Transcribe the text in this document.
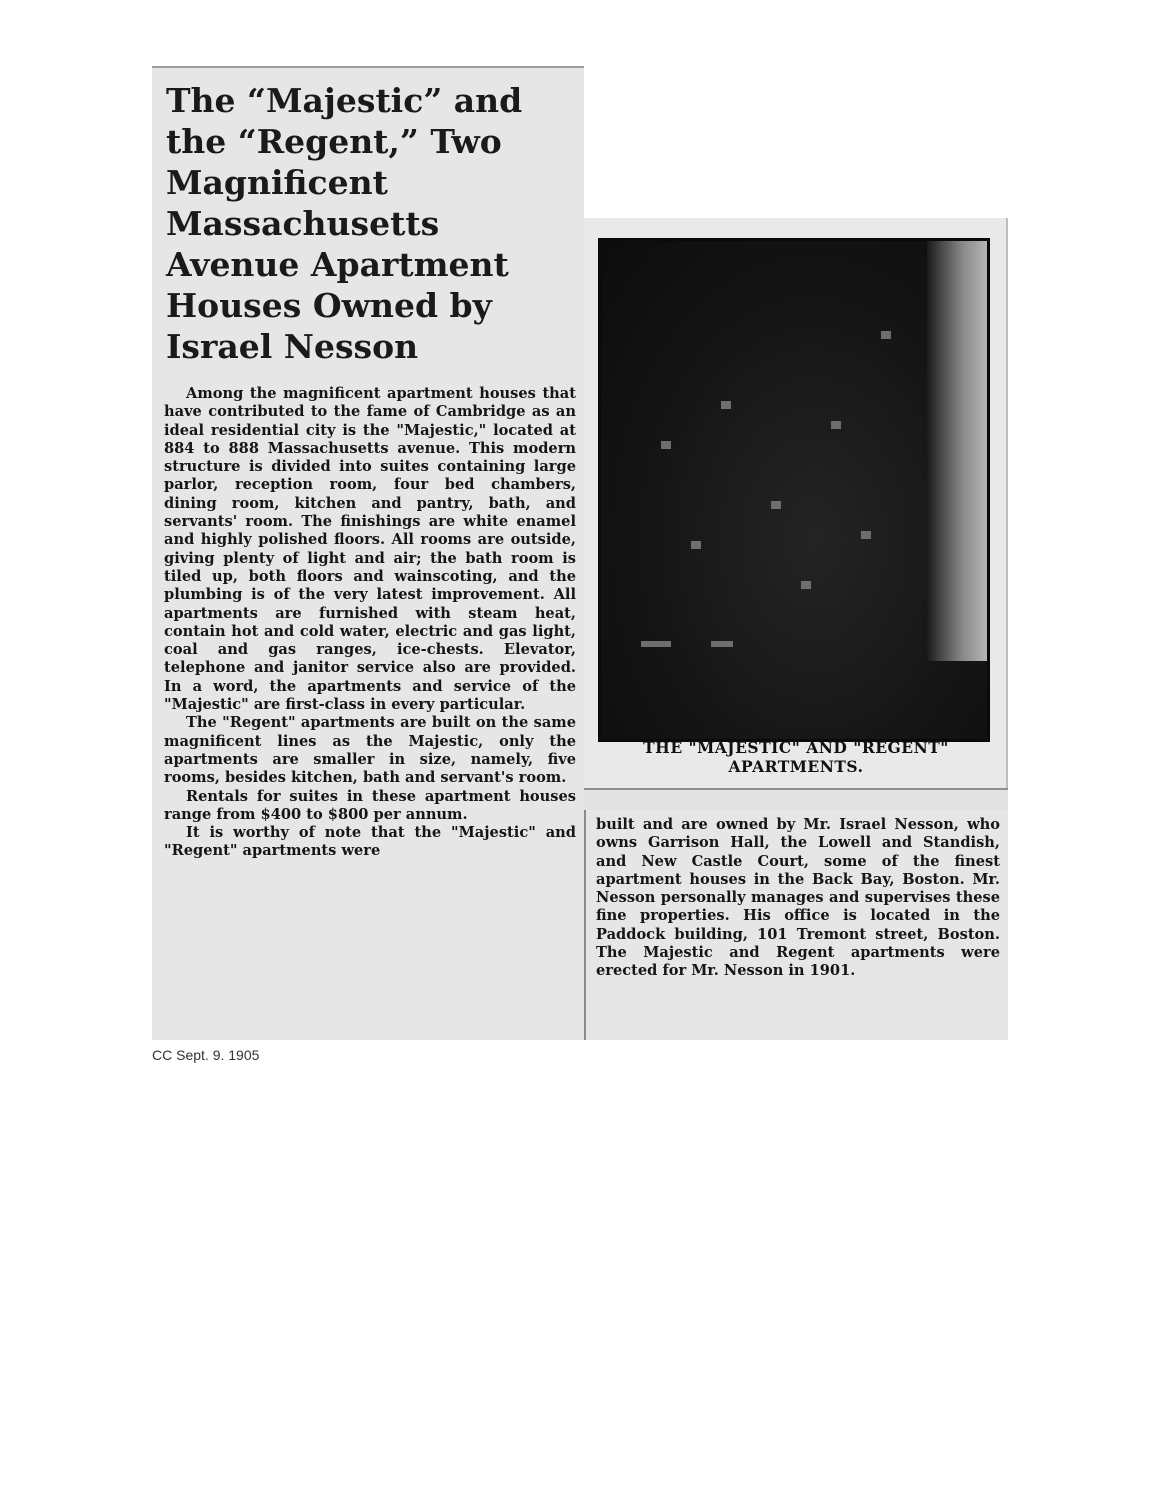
The “Majestic” and the “Regent,” Two Magnificent Massachusetts Avenue Apartment Houses Owned by Israel Nesson

Among the magnificent apartment houses that have contributed to the fame of Cambridge as an ideal residential city is the "Majestic," located at 884 to 888 Massachusetts avenue. This modern structure is divided into suites containing large parlor, reception room, four bed chambers, dining room, kitchen and pantry, bath, and servants' room. The finishings are white enamel and highly polished floors. All rooms are outside, giving plenty of light and air; the bath room is tiled up, both floors and wainscoting, and the plumbing is of the very latest improvement. All apartments are furnished with steam heat, contain hot and cold water, electric and gas light, coal and gas ranges, ice-chests. Elevator, telephone and janitor service also are provided. In a word, the apartments and service of the "Majestic" are first-class in every particular.

The "Regent" apartments are built on the same magnificent lines as the Majestic, only the apartments are smaller in size, namely, five rooms, besides kitchen, bath and servant's room.

Rentals for suites in these apartment houses range from $400 to $800 per annum.

It is worthy of note that the "Majestic" and "Regent" apartments were

THE "MAJESTIC" AND "REGENT"
APARTMENTS.

built and are owned by Mr. Israel Nesson, who owns Garrison Hall, the Lowell and Standish, and New Castle Court, some of the finest apartment houses in the Back Bay, Boston. Mr. Nesson personally manages and supervises these fine properties. His office is located in the Paddock building, 101 Tremont street, Boston. The Majestic and Regent apartments were erected for Mr. Nesson in 1901.

CC Sept. 9. 1905
